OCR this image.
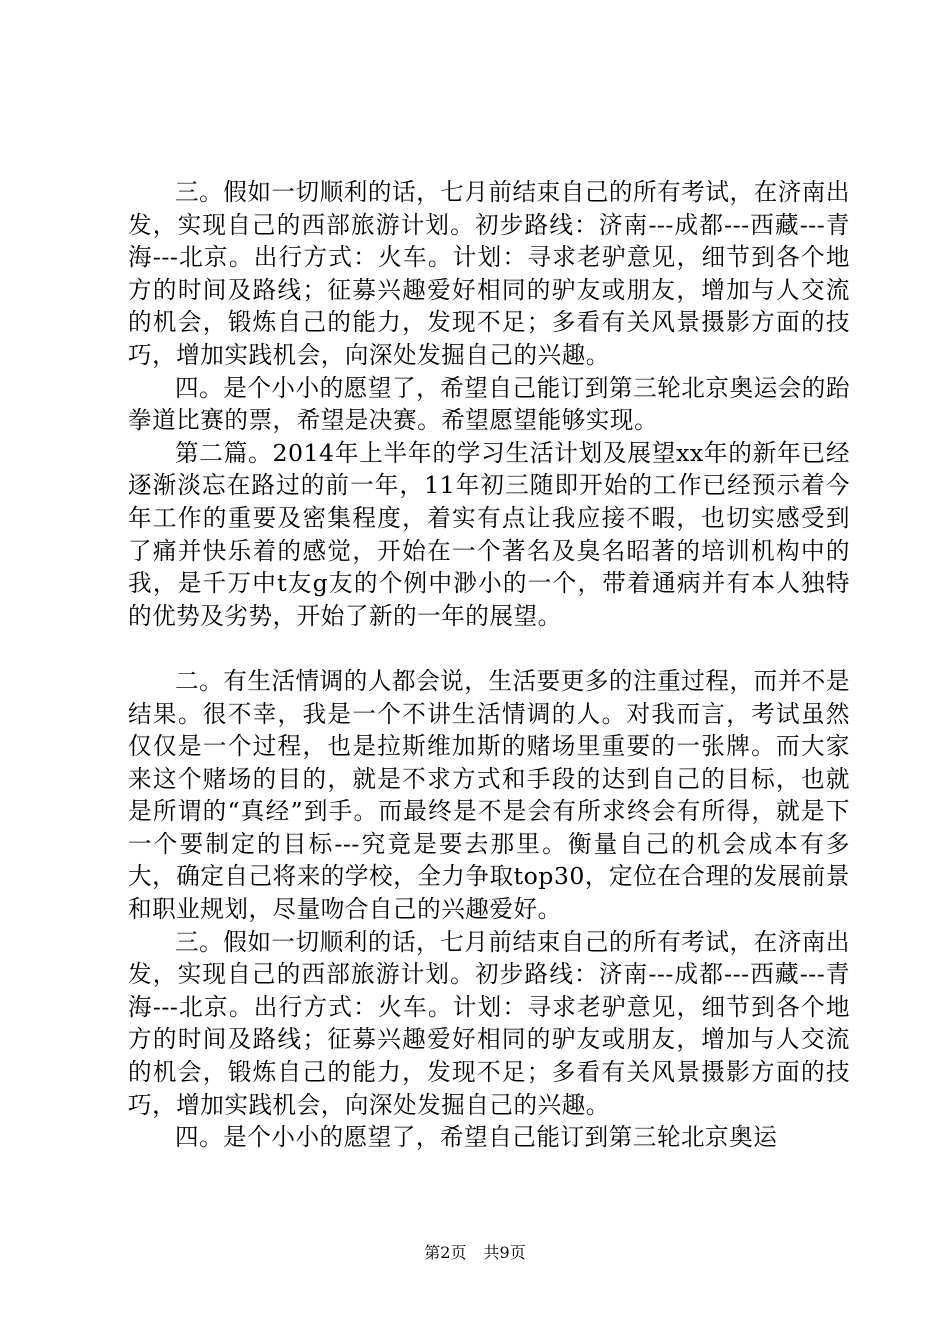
三。假如一切顺利的话，七月前结束自己的所有考试，在济南出发，实现自己的西部旅游计划。初步路线：济南---成都---西藏---青海---北京。出行方式：火车。计划：寻求老驴意见，细节到各个地方的时间及路线；征募兴趣爱好相同的驴友或朋友，增加与人交流的机会，锻炼自己的能力，发现不足；多看有关风景摄影方面的技巧，增加实践机会，向深处发掘自己的兴趣。

四。是个小小的愿望了，希望自己能订到第三轮北京奥运会的跆拳道比赛的票，希望是决赛。希望愿望能够实现。

第二篇。2014年上半年的学习生活计划及展望xx年的新年已经逐渐淡忘在路过的前一年，11年初三随即开始的工作已经预示着今年工作的重要及密集程度，着实有点让我应接不暇，也切实感受到了痛并快乐着的感觉，开始在一个著名及臭名昭著的培训机构中的我，是千万中t友g友的个例中渺小的一个，带着通病并有本人独特的优势及劣势，开始了新的一年的展望。

二。有生活情调的人都会说，生活要更多的注重过程，而并不是结果。很不幸，我是一个不讲生活情调的人。对我而言，考试虽然仅仅是一个过程，也是拉斯维加斯的赌场里重要的一张牌。而大家来这个赌场的目的，就是不求方式和手段的达到自己的目标，也就是所谓的“真经”到手。而最终是不是会有所求终会有所得，就是下一个要制定的目标---究竟是要去那里。衡量自己的机会成本有多大，确定自己将来的学校，全力争取top30，定位在合理的发展前景和职业规划，尽量吻合自己的兴趣爱好。

三。假如一切顺利的话，七月前结束自己的所有考试，在济南出发，实现自己的西部旅游计划。初步路线：济南---成都---西藏---青海---北京。出行方式：火车。计划：寻求老驴意见，细节到各个地方的时间及路线；征募兴趣爱好相同的驴友或朋友，增加与人交流的机会，锻炼自己的能力，发现不足；多看有关风景摄影方面的技巧，增加实践机会，向深处发掘自己的兴趣。

四。是个小小的愿望了，希望自己能订到第三轮北京奥运

第2页 共9页
